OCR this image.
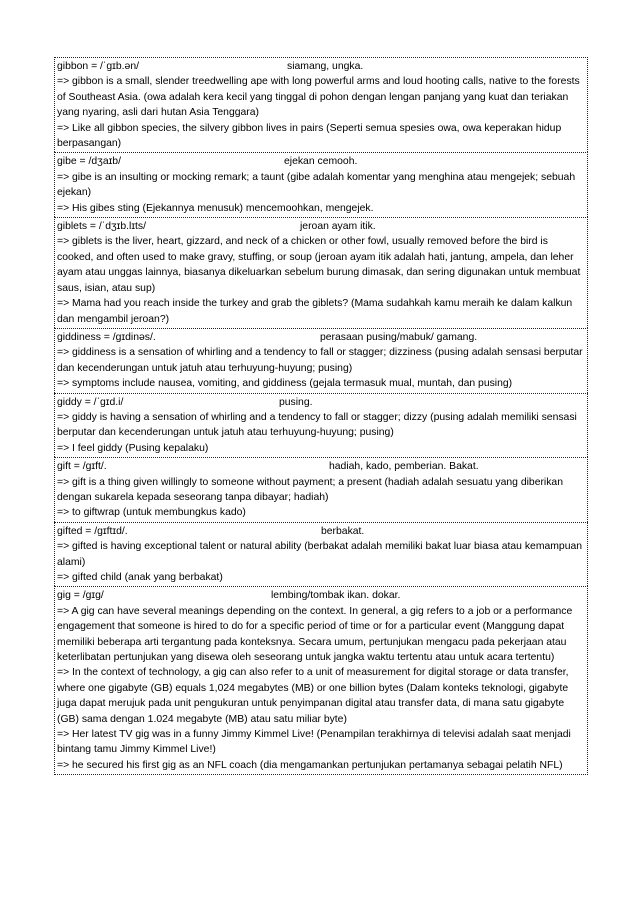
gibbon = /ˈɡɪb.ən/	siamang, ungka.
=> gibbon is a small, slender treedwelling ape with long powerful arms and loud hooting calls, native to the forests of Southeast Asia. (owa adalah kera kecil yang tinggal di pohon dengan lengan panjang yang kuat dan teriakan yang nyaring, asli dari hutan Asia Tenggara)
=> Like all gibbon species, the silvery gibbon lives in pairs (Seperti semua spesies owa, owa keperakan hidup berpasangan)
gibe = /dʒaɪb/	ejekan cemooh.
=> gibe is an insulting or mocking remark; a taunt (gibe adalah komentar yang menghina atau mengejek; sebuah ejekan)
=> His gibes sting (Ejekannya menusuk) mencemoohkan, mengejek.
giblets = /ˈdʒɪb.lɪts/	jeroan ayam itik.
=> giblets is the liver, heart, gizzard, and neck of a chicken or other fowl, usually removed before the bird is cooked, and often used to make gravy, stuffing, or soup (jeroan ayam itik adalah hati, jantung, ampela, dan leher ayam atau unggas lainnya, biasanya dikeluarkan sebelum burung dimasak, dan sering digunakan untuk membuat saus, isian, atau sup)
=> Mama had you reach inside the turkey and grab the giblets? (Mama sudahkah kamu meraih ke dalam kalkun dan mengambil jeroan?)
giddiness = /ɡɪdinəs/.	perasaan pusing/mabuk/ gamang.
=> giddiness is a sensation of whirling and a tendency to fall or stagger; dizziness (pusing adalah sensasi berputar dan kecenderungan untuk jatuh atau terhuyung-huyung; pusing)
=> symptoms include nausea, vomiting, and giddiness (gejala termasuk mual, muntah, dan pusing)
giddy = /ˈɡɪd.i/	pusing.
=> giddy is having a sensation of whirling and a tendency to fall or stagger; dizzy (pusing adalah memiliki sensasi berputar dan kecenderungan untuk jatuh atau terhuyung-huyung; pusing)
=> I feel giddy (Pusing kepalaku)
gift = /ɡɪft/.	hadiah, kado, pemberian. Bakat.
=> gift is a thing given willingly to someone without payment; a present (hadiah adalah sesuatu yang diberikan dengan sukarela kepada seseorang tanpa dibayar; hadiah)
=> to giftwrap (untuk membungkus kado)
gifted = /ɡɪftɪd/.	berbakat.
=> gifted is having exceptional talent or natural ability (berbakat adalah memiliki bakat luar biasa atau kemampuan alami)
=> gifted child (anak yang berbakat)
gig = /ɡɪɡ/	lembing/tombak ikan. dokar.
=> A gig can have several meanings depending on the context. In general, a gig refers to a job or a performance engagement that someone is hired to do for a specific period of time or for a particular event (Manggung dapat memiliki beberapa arti tergantung pada konteksnya. Secara umum, pertunjukan mengacu pada pekerjaan atau keterlibatan pertunjukan yang disewa oleh seseorang untuk jangka waktu tertentu atau untuk acara tertentu)
=> In the context of technology, a gig can also refer to a unit of measurement for digital storage or data transfer, where one gigabyte (GB) equals 1,024 megabytes (MB) or one billion bytes (Dalam konteks teknologi, gigabyte juga dapat merujuk pada unit pengukuran untuk penyimpanan digital atau transfer data, di mana satu gigabyte (GB) sama dengan 1.024 megabyte (MB) atau satu miliar byte)
=> Her latest TV gig was in a funny Jimmy Kimmel Live! (Penampilan terakhirnya di televisi adalah saat menjadi bintang tamu Jimmy Kimmel Live!)
=> he secured his first gig as an NFL coach (dia mengamankan pertunjukan pertamanya sebagai pelatih NFL)
